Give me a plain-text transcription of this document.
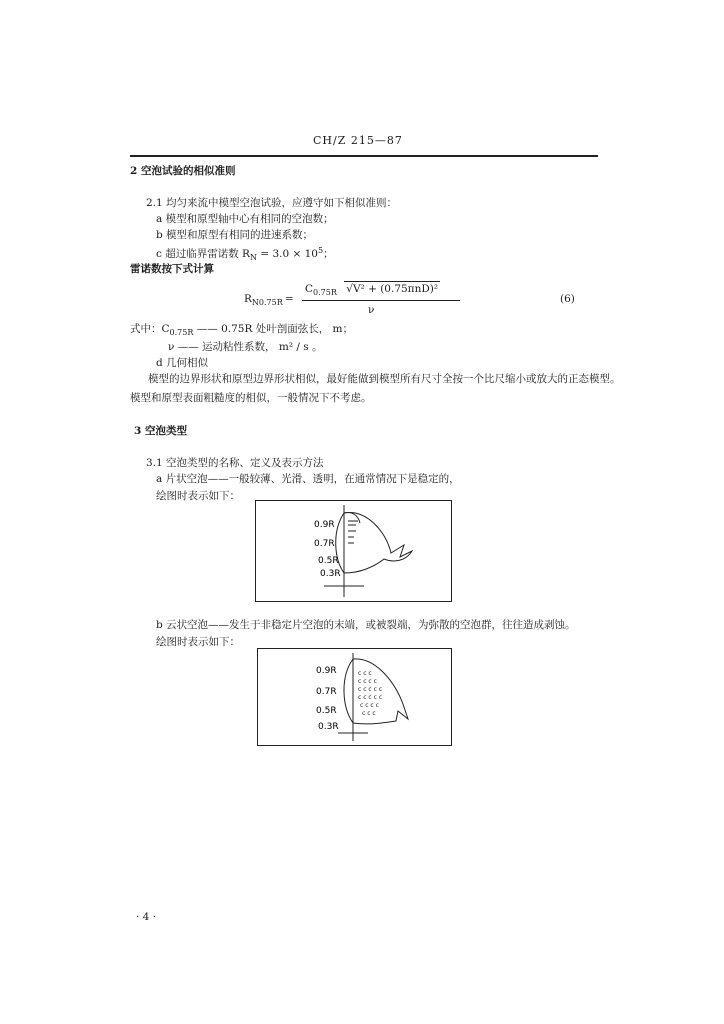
CH/Z 215—87
2 空泡试验的相似准则
2.1 均匀来流中模型空泡试验，应遵守如下相似准则：
a 模型和原型轴中心有相同的空泡数；
b 模型和原型有相同的进速系数；
c 超过临界雷诺数 $R_N = 3.0 \times 10^5$；
雷诺数按下式计算
$R_{N0.75R}$ =
$C_{0.75R}$ √V² + (0.75πnD)²
ν
(6)
式中：$C_{0.75R}$ —— 0.75R 处叶剖面弦长， m；
ν —— 运动粘性系数， m² / s 。
d 几何相似
模型的边界形状和原型边界形状相似，最好能做到模型所有尺寸全按一个比尺缩小或放大的正态模型。模型和原型表面粗糙度的相似，一般情况下不考虑。
3 空泡类型
3.1 空泡类型的名称、定义及表示方法
a 片状空泡——一般较薄、光滑、透明，在通常情况下是稳定的，
绘图时表示如下：
0.9R
0.7R
0.5R
0.3R
b 云状空泡——发生于非稳定片空泡的末端，或被裂端，为弥散的空泡群，往往造成剥蚀。
绘图时表示如下：
c c c
c c c c
c c c c c
c c c c c
c c c c
c c c
0.9R
0.7R
0.5R
0.3R
· 4 ·
